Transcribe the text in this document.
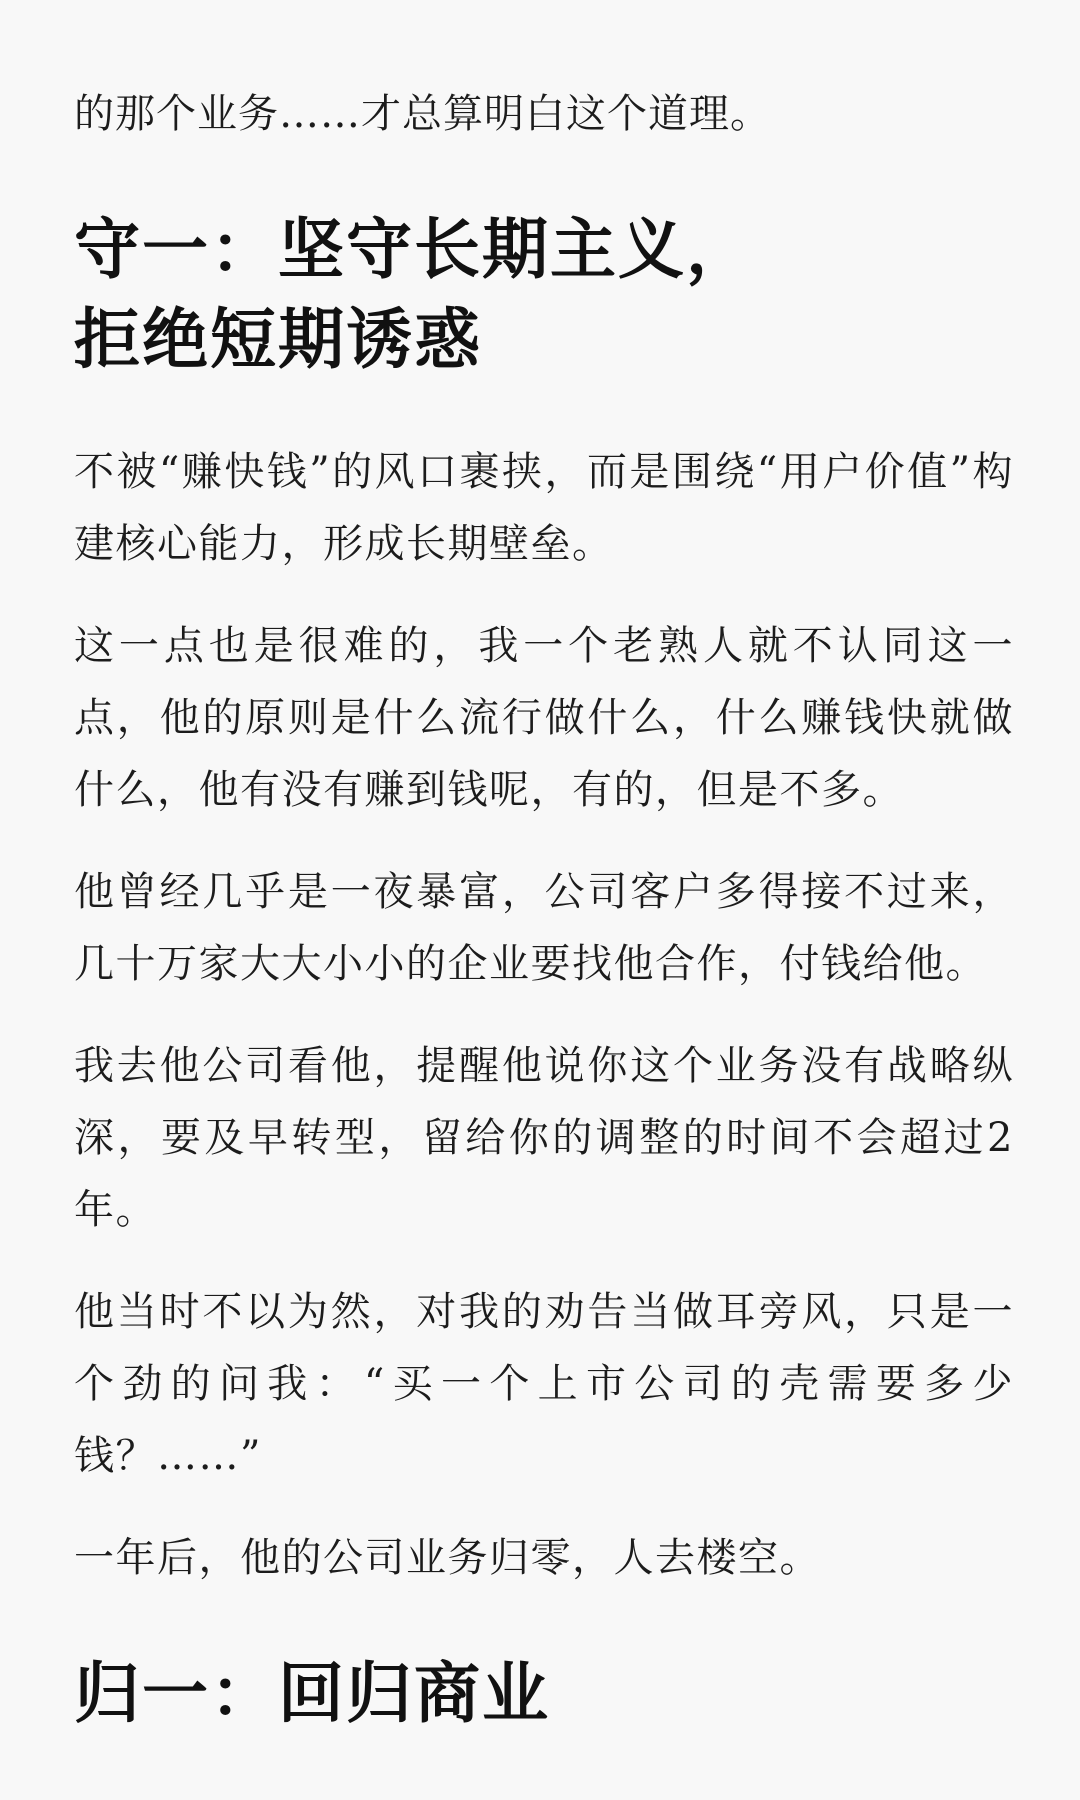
的那个业务……才总算明白这个道理。

守一：坚守长期主义，
拒绝短期诱惑

不被“赚快钱”的风口裹挟，而是围绕“用户价值”构建核心能力，形成长期壁垒。

这一点也是很难的，我一个老熟人就不认同这一点，他的原则是什么流行做什么，什么赚钱快就做什么，他有没有赚到钱呢，有的，但是不多。

他曾经几乎是一夜暴富，公司客户多得接不过来，几十万家大大小小的企业要找他合作，付钱给他。

我去他公司看他，提醒他说你这个业务没有战略纵深，要及早转型，留给你的调整的时间不会超过2年。

他当时不以为然，对我的劝告当做耳旁风，只是一个劲的问我：“买一个上市公司的壳需要多少钱？……”

一年后，他的公司业务归零，人去楼空。

归一：回归商业
